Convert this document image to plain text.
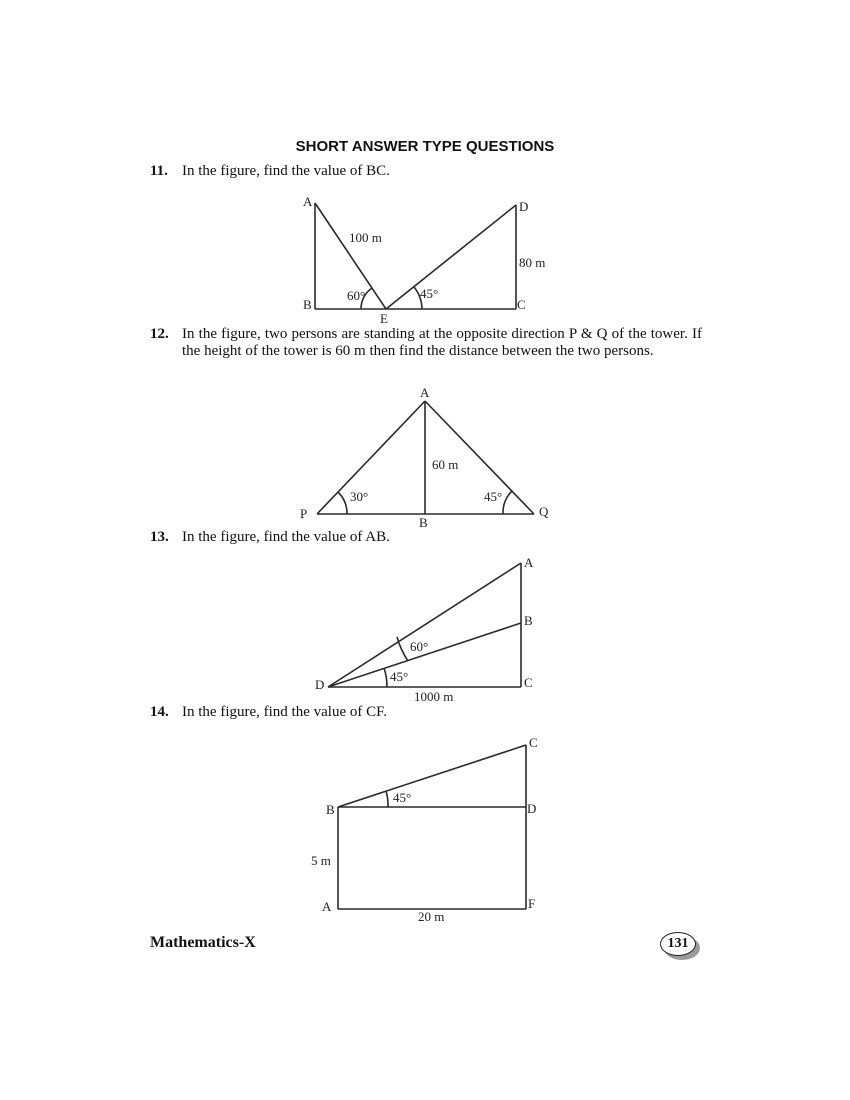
SHORT ANSWER TYPE QUESTIONS
11. In the figure, find the value of BC.
A
B	C
D
E
100 m
80 m
60°	45°
12. In the figure, two persons are standing at the opposite direction P & Q of the tower. If the height of the tower is 60 m then find the distance between the two persons.
A
B
P	Q
60 m
30°	45°
13. In the figure, find the value of AB.
A
B
C
D
1000 m
60°
45°
14. In the figure, find the value of CF.
C
B	D
A	F
5 m
20 m
45°
Mathematics-X	131
